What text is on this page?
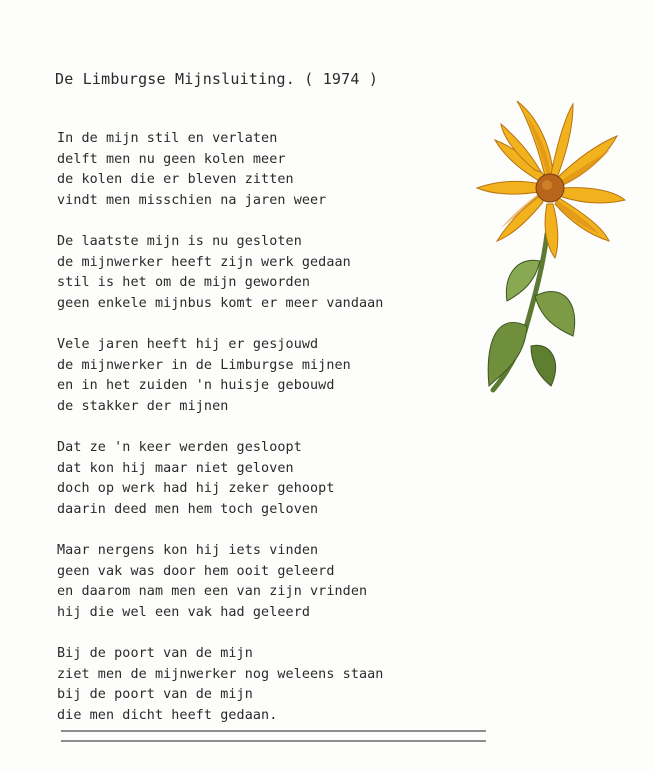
De Limburgse Mijnsluiting. ( 1974 )
In de mijn stil en verlaten
delft men nu geen kolen meer
de kolen die er bleven zitten
vindt men misschien na jaren weer
De laatste mijn is nu gesloten
de mijnwerker heeft zijn werk gedaan
stil is het om de mijn geworden
geen enkele mijnbus komt er meer vandaan
Vele jaren heeft hij er gesjouwd
de mijnwerker in de Limburgse mijnen
en in het zuiden 'n huisje gebouwd
de stakker der mijnen
Dat ze 'n keer werden gesloopt
dat kon hij maar niet geloven
doch op werk had hij zeker gehoopt
daarin deed men hem toch geloven
Maar nergens kon hij iets vinden
geen vak was door hem ooit geleerd
en daarom nam men een van zijn vrinden
hij die wel een vak had geleerd
Bij de poort van de mijn
ziet men de mijnwerker nog weleens staan
bij de poort van de mijn
die men dicht heeft gedaan.
